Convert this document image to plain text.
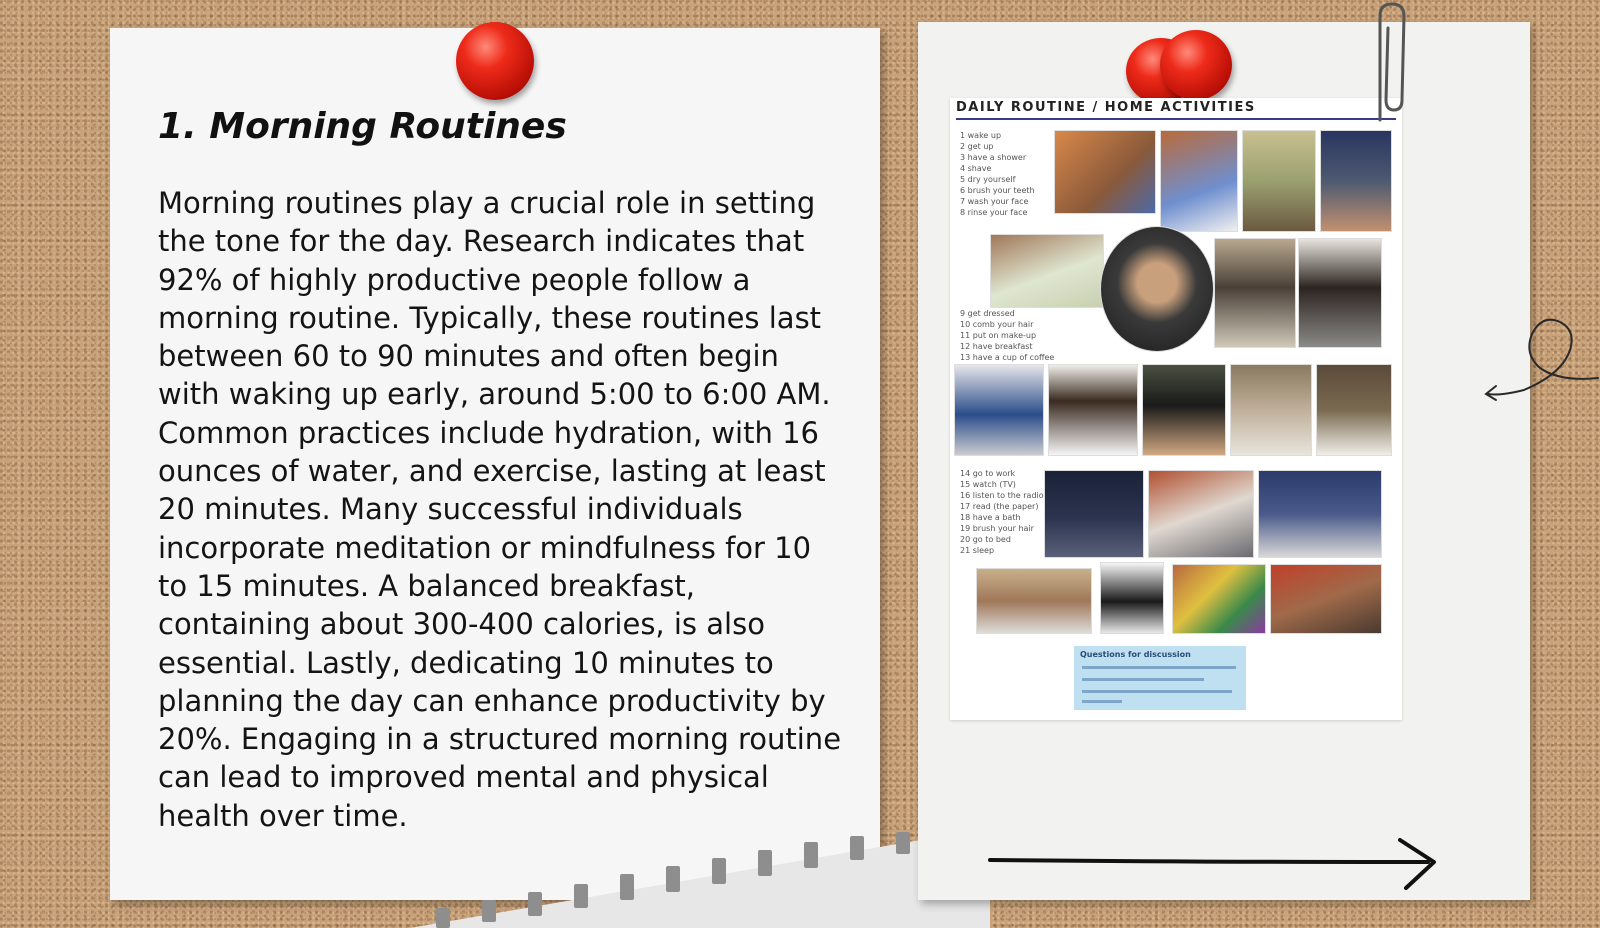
1. Morning Routines

Morning routines play a crucial role in setting the tone for the day. Research indicates that 92% of highly productive people follow a morning routine. Typically, these routines last between 60 to 90 minutes and often begin with waking up early, around 5:00 to 6:00 AM. Common practices include hydration, with 16 ounces of water, and exercise, lasting at least 20 minutes. Many successful individuals incorporate meditation or mindfulness for 10 to 15 minutes. A balanced breakfast, containing about 300-400 calories, is also essential. Lastly, dedicating 10 minutes to planning the day can enhance productivity by 20%. Engaging in a structured morning routine can lead to improved mental and physical health over time.

DAILY ROUTINE / HOME ACTIVITIES
1 wake up
2 get up
3 have a shower
4 shave
5 dry yourself
6 brush your teeth
7 wash your face
8 rinse your face
9 get dressed
10 comb your hair
11 put on make-up
12 have breakfast
13 have a cup of coffee
14 go to work
15 watch (TV)
16 listen to the radio
17 read (the paper)
18 have a bath
19 brush your hair
20 go to bed
21 sleep
Questions for discussion
